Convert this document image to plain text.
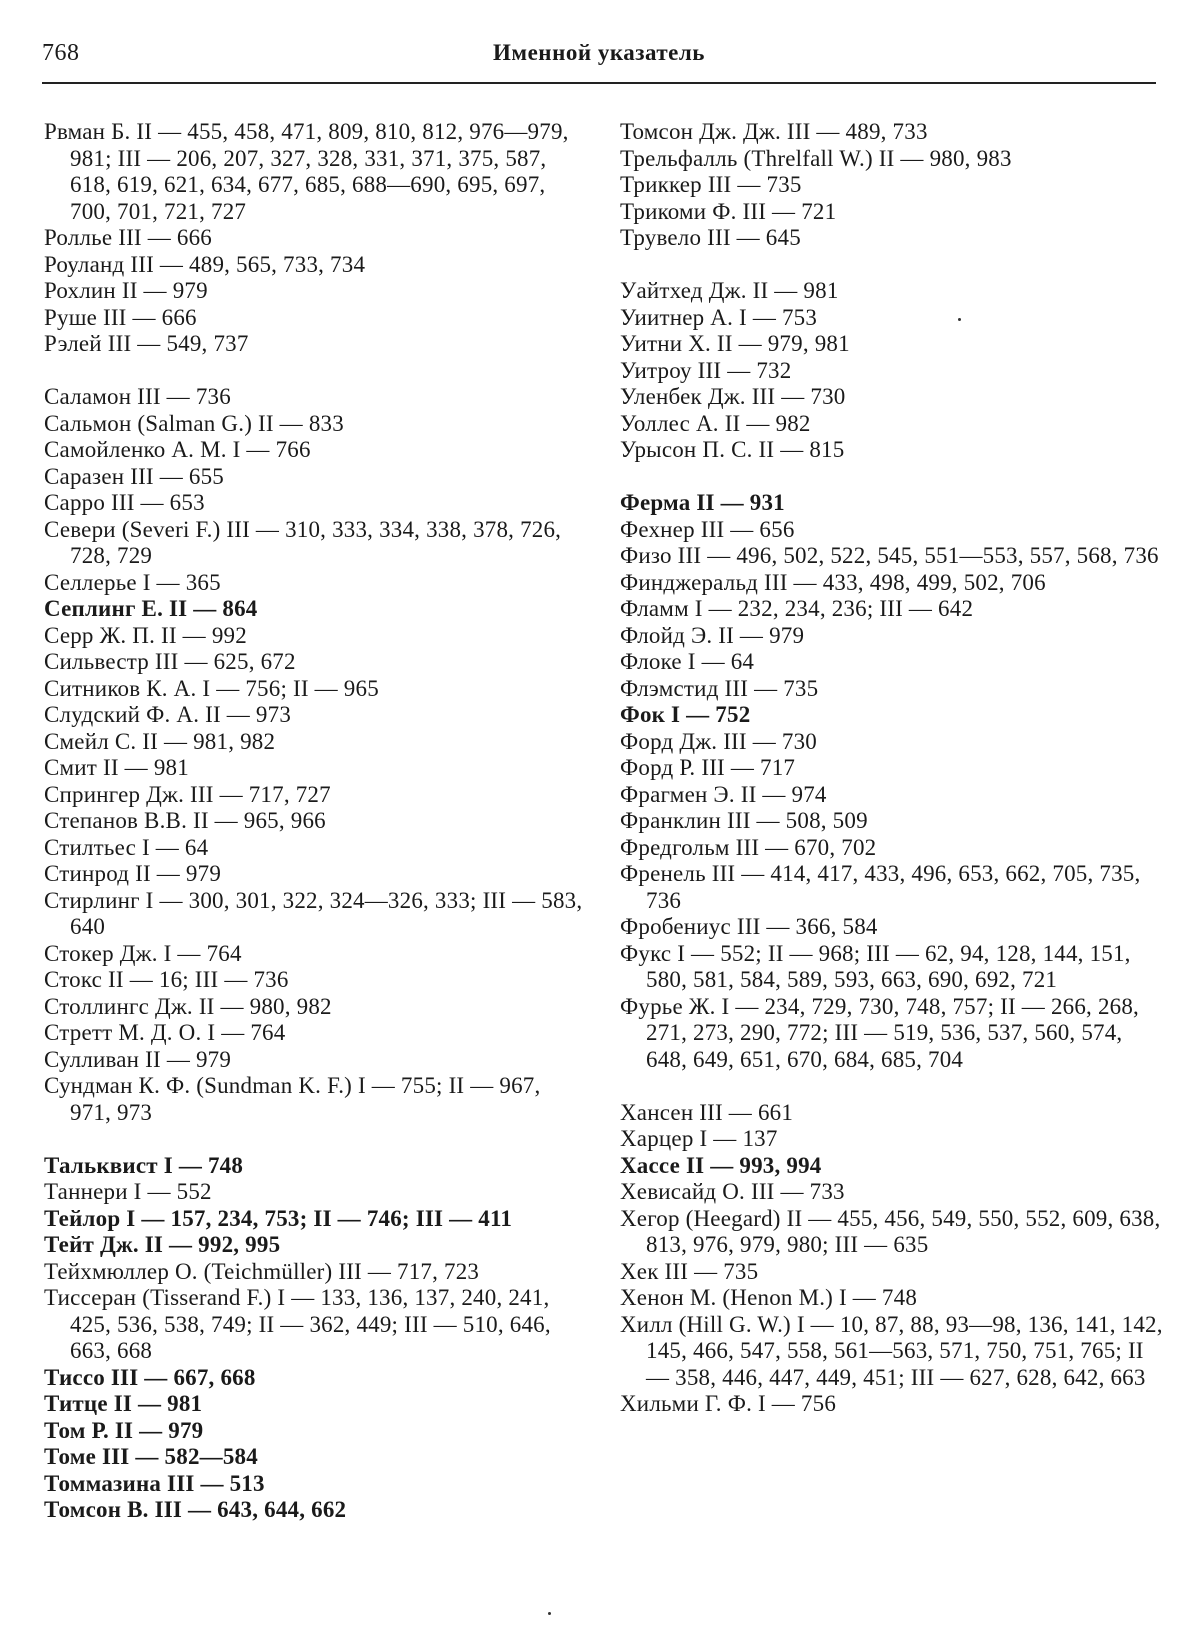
768	Именной указатель
Рвман Б. II — 455, 458, 471, 809, 810, 812, 976—979, 981; III — 206, 207, 327, 328, 331, 371, 375, 587, 618, 619, 621, 634, 677, 685, 688—690, 695, 697, 700, 701, 721, 727
Роллье III — 666
Роуланд III — 489, 565, 733, 734
Рохлин II — 979
Руше III — 666
Рэлей III — 549, 737
Саламон III — 736
Сальмон (Salman G.) II — 833
Самойленко А. М. I — 766
Саразен III — 655
Сарро III — 653
Севери (Severi F.) III — 310, 333, 334, 338, 378, 726, 728, 729
Селлерье I — 365
Сеплинг Е. II — 864
Серр Ж. П. II — 992
Сильвестр III — 625, 672
Ситников К. А. I — 756; II — 965
Слудский Ф. А. II — 973
Смейл С. II — 981, 982
Смит II — 981
Спрингер Дж. III — 717, 727
Степанов В.В. II — 965, 966
Стилтьес I — 64
Стинрод II — 979
Стирлинг I — 300, 301, 322, 324—326, 333; III — 583, 640
Стокер Дж. I — 764
Стокс II — 16; III — 736
Столлингс Дж. II — 980, 982
Стретт М. Д. О. I — 764
Сулливан II — 979
Сундман К. Ф. (Sundman K. F.) I — 755; II — 967, 971, 973
Тальквист I — 748
Таннери I — 552
Тейлор I — 157, 234, 753; II — 746; III — 411
Тейт Дж. II — 992, 995
Тейхмюллер О. (Teichmüller) III — 717, 723
Тиссеран (Tisserand F.) I — 133, 136, 137, 240, 241, 425, 536, 538, 749; II — 362, 449; III — 510, 646, 663, 668
Тиссо III — 667, 668
Титце II — 981
Том Р. II — 979
Томе III — 582—584
Томмазина III — 513
Томсон В. III — 643, 644, 662
Томсон Дж. Дж. III — 489, 733
Трельфалль (Threlfall W.) II — 980, 983
Триккер III — 735
Трикоми Ф. III — 721
Трувело III — 645
Уайтхед Дж. II — 981
Уиитнер А. I — 753
Уитни Х. II — 979, 981
Уитроу III — 732
Уленбек Дж. III — 730
Уоллес А. II — 982
Урысон П. С. II — 815
Ферма II — 931
Фехнер III — 656
Физо III — 496, 502, 522, 545, 551—553, 557, 568, 736
Финджеральд III — 433, 498, 499, 502, 706
Фламм I — 232, 234, 236; III — 642
Флойд Э. II — 979
Флоке I — 64
Флэмстид III — 735
Фок I — 752
Форд Дж. III — 730
Форд Р. III — 717
Фрагмен Э. II — 974
Франклин III — 508, 509
Фредгольм III — 670, 702
Френель III — 414, 417, 433, 496, 653, 662, 705, 735, 736
Фробениус III — 366, 584
Фукс I — 552; II — 968; III — 62, 94, 128, 144, 151, 580, 581, 584, 589, 593, 663, 690, 692, 721
Фурье Ж. I — 234, 729, 730, 748, 757; II — 266, 268, 271, 273, 290, 772; III — 519, 536, 537, 560, 574, 648, 649, 651, 670, 684, 685, 704
Хансен III — 661
Харцер I — 137
Хассе II — 993, 994
Хевисайд О. III — 733
Хегор (Heegard) II — 455, 456, 549, 550, 552, 609, 638, 813, 976, 979, 980; III — 635
Хек III — 735
Хенон М. (Henon M.) I — 748
Хилл (Hill G. W.) I — 10, 87, 88, 93—98, 136, 141, 142, 145, 466, 547, 558, 561—563, 571, 750, 751, 765; II — 358, 446, 447, 449, 451; III — 627, 628, 642, 663
Хильми Г. Ф. I — 756
